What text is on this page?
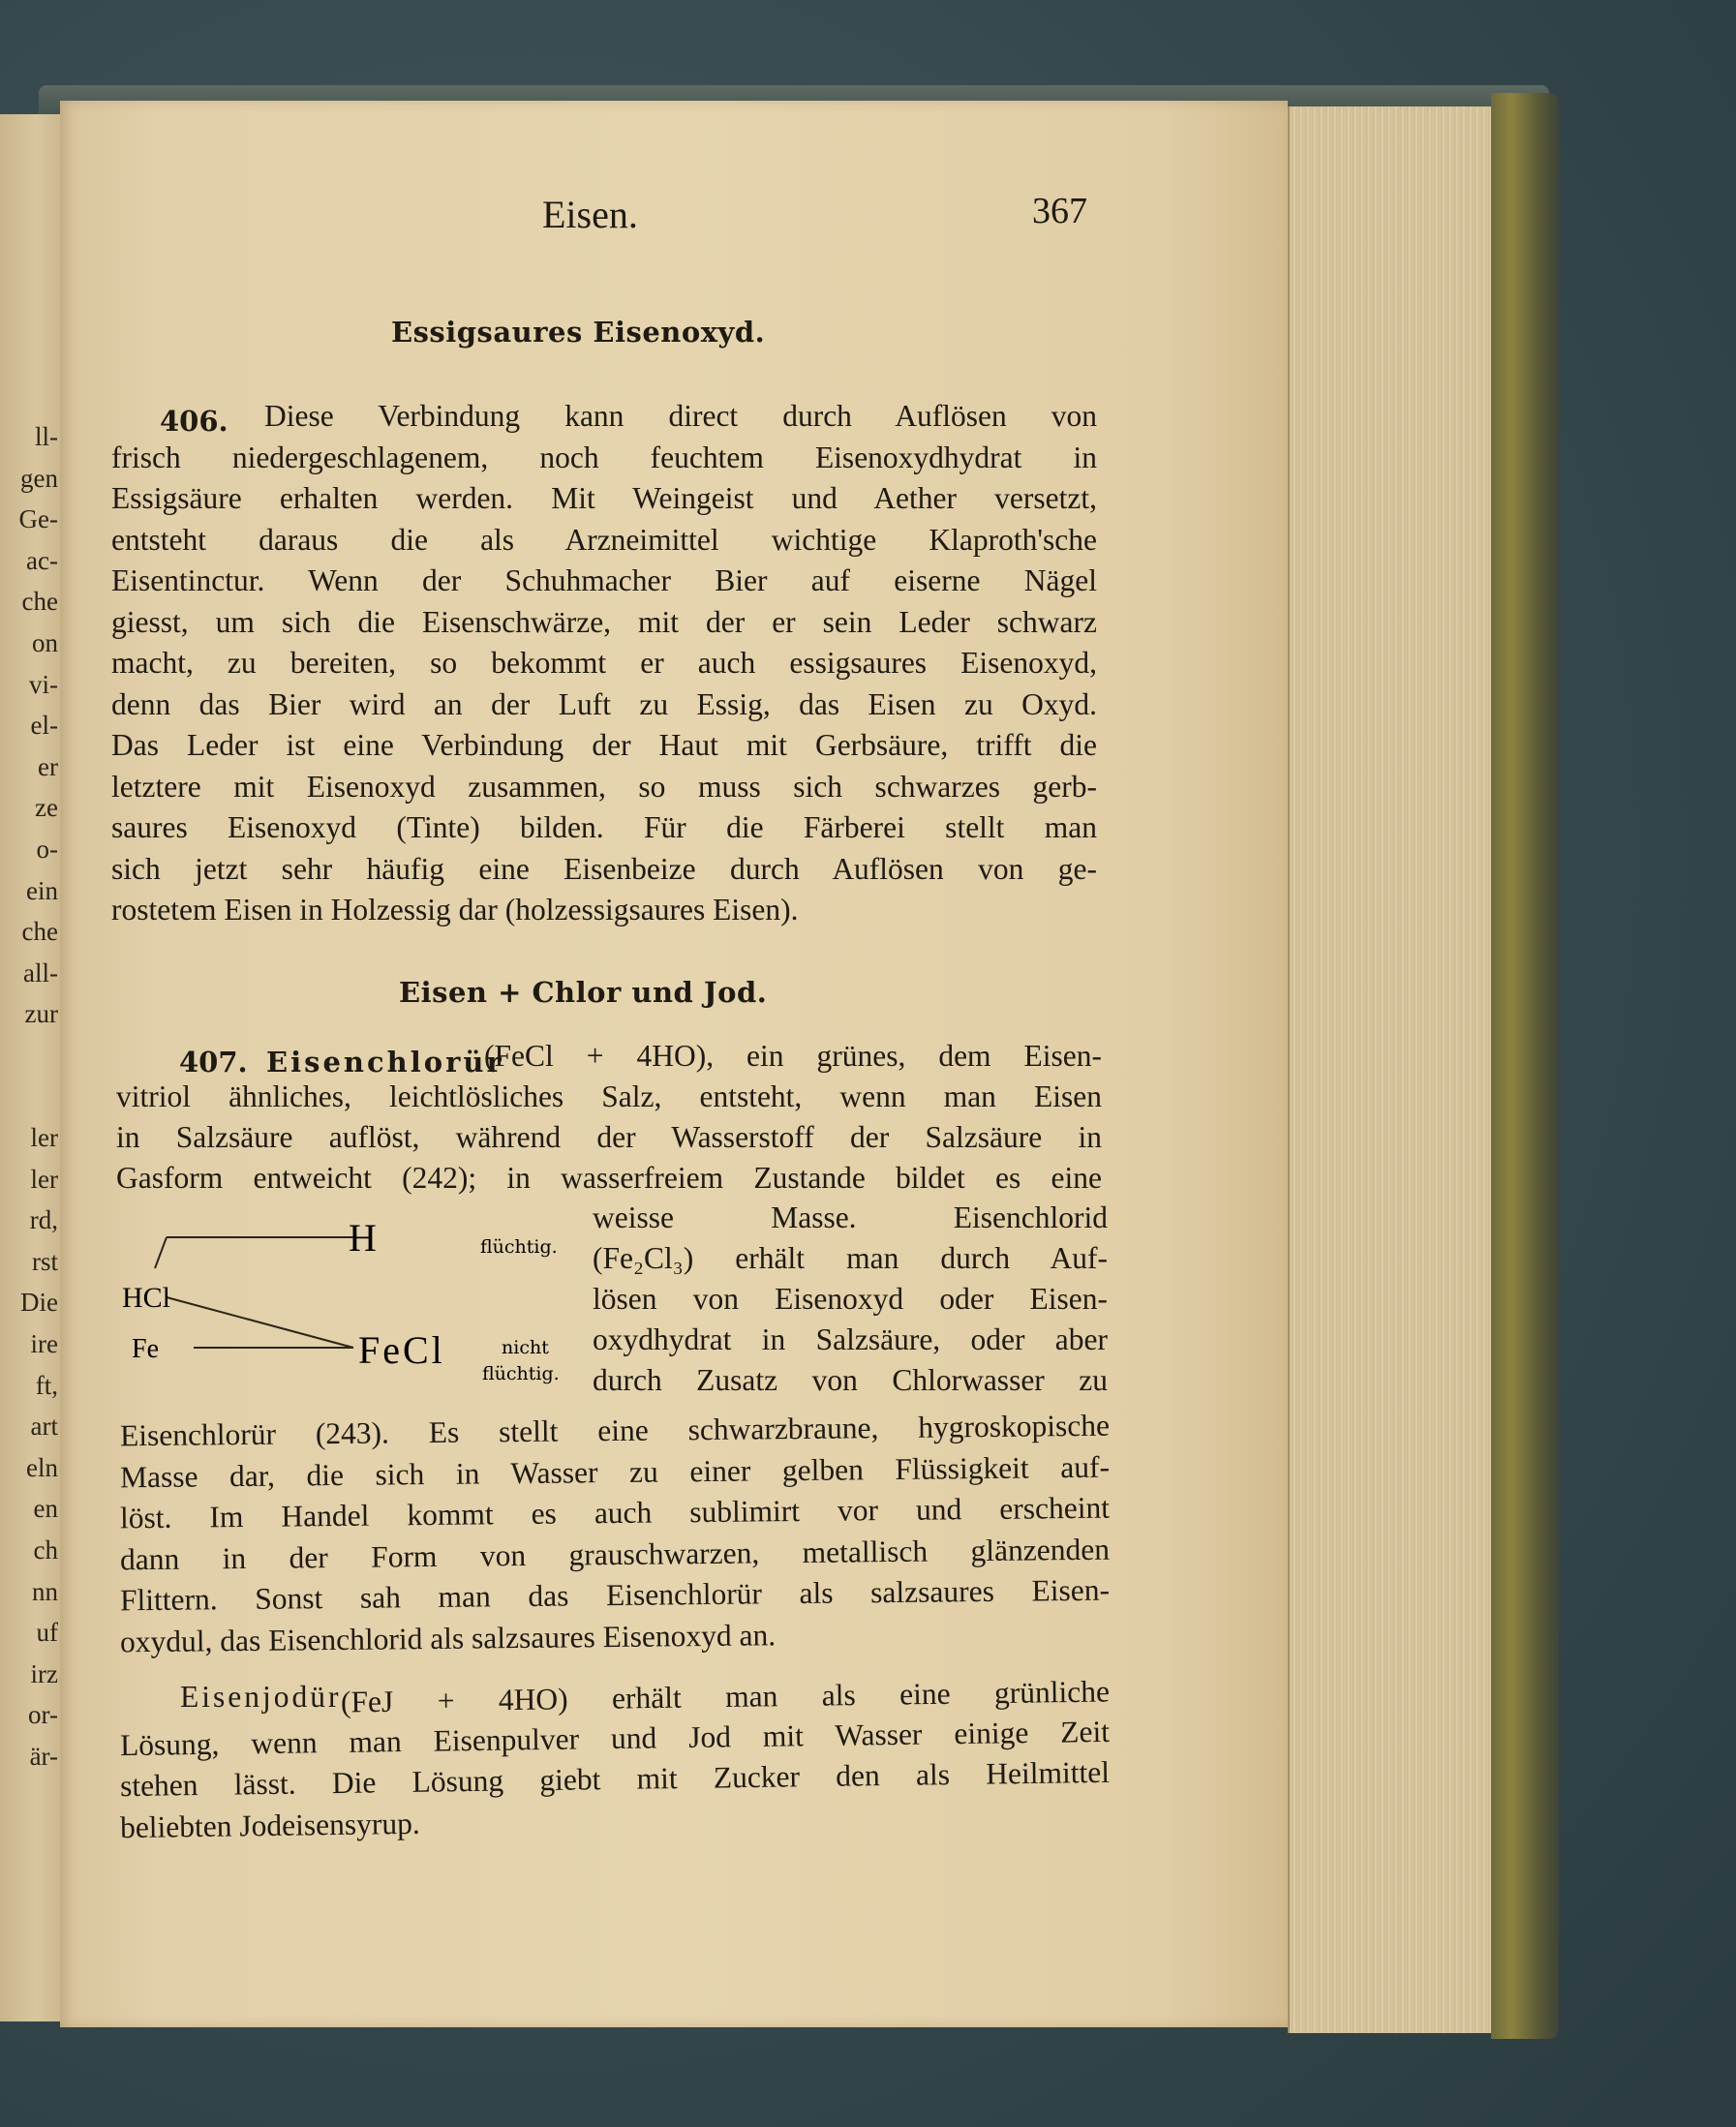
ll-
gen
Ge-
ac-
che
on
vi-
el-
er
ze
o-
ein
che
all-
zur

ler
ler
rd,
rst
Die
ire
ft,
art
eln
en
ch
nn
uf
irz
or-
är-
Eisen.	367
Essigsaures Eisenoxyd.
406. Diese Verbindung kann direct durch Auflösen von
frisch niedergeschlagenem, noch feuchtem Eisenoxydhydrat in
Essigsäure erhalten werden. Mit Weingeist und Aether versetzt,
entsteht daraus die als Arzneimittel wichtige Klaproth'sche
Eisentinctur. Wenn der Schuhmacher Bier auf eiserne Nägel
giesst, um sich die Eisenschwärze, mit der er sein Leder schwarz
macht, zu bereiten, so bekommt er auch essigsaures Eisenoxyd,
denn das Bier wird an der Luft zu Essig, das Eisen zu Oxyd.
Das Leder ist eine Verbindung der Haut mit Gerbsäure, trifft die
letztere mit Eisenoxyd zusammen, so muss sich schwarzes gerb-
saures Eisenoxyd (Tinte) bilden. Für die Färberei stellt man
sich jetzt sehr häufig eine Eisenbeize durch Auflösen von ge-
rostetem Eisen in Holzessig dar (holzessigsaures Eisen).
Eisen + Chlor und Jod.
407. Eisenchlorür
(FeCl + 4HO), ein grünes, dem Eisen-
vitriol ähnliches, leichtlösliches Salz, entsteht, wenn man Eisen
in Salzsäure auflöst, während der Wasserstoff der Salzsäure in
Gasform entweicht (242); in wasserfreiem Zustande bildet es eine
weisse Masse. Eisenchlorid
(Fe₂Cl₃) erhält man durch Auf-
lösen von Eisenoxyd oder Eisen-
oxydhydrat in Salzsäure, oder aber
durch Zusatz von Chlorwasser zu
H
HCl
Fe	FeCl
flüchtig.
nicht
flüchtig.
Eisenchlorür (243). Es stellt eine schwarzbraune, hygroskopische
Masse dar, die sich in Wasser zu einer gelben Flüssigkeit auf-
löst. Im Handel kommt es auch sublimirt vor und erscheint
dann in der Form von grauschwarzen, metallisch glänzenden
Flittern. Sonst sah man das Eisenchlorür als salzsaures Eisen-
oxydul, das Eisenchlorid als salzsaures Eisenoxyd an.
Eisenjodür (FeJ + 4HO) erhält man als eine grünliche
Lösung, wenn man Eisenpulver und Jod mit Wasser einige Zeit
stehen lässt. Die Lösung giebt mit Zucker den als Heilmittel
beliebten Jodeisensyrup.
